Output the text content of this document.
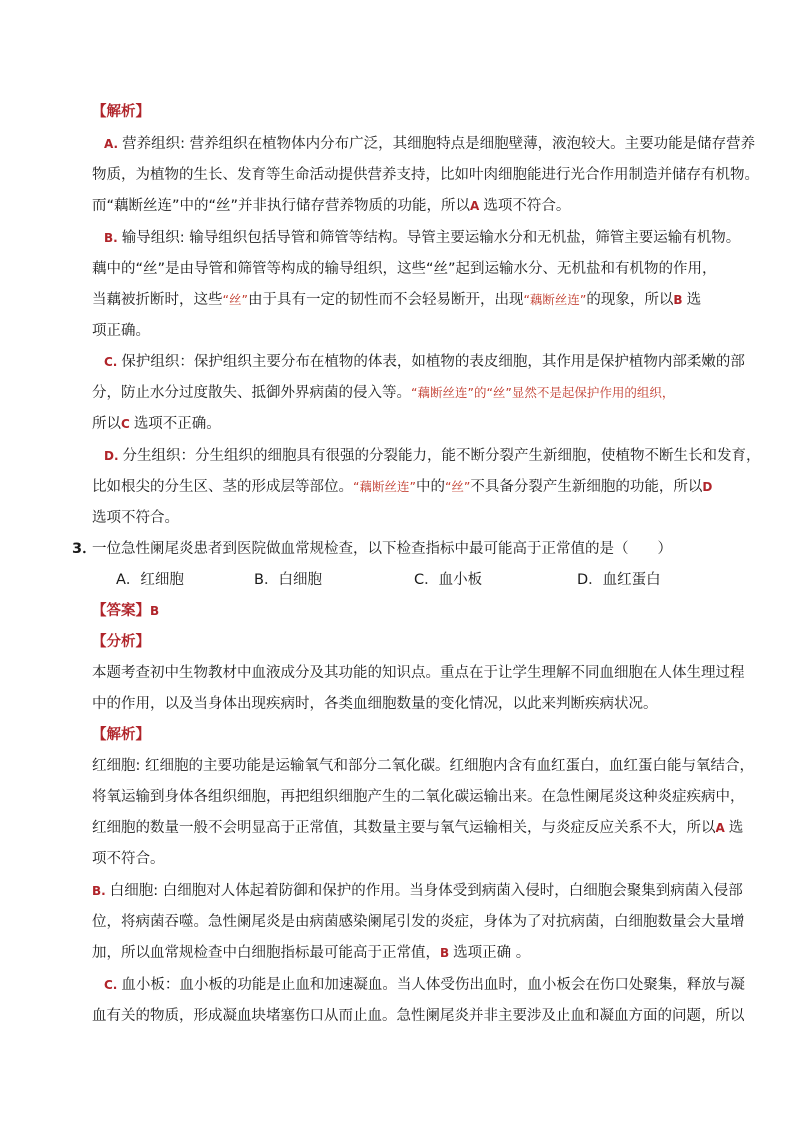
【解析】
A. 营养组织: 营养组织在植物体内分布广泛，其细胞特点是细胞壁薄，液泡较大。主要功能是储存营养
物质，为植物的生长、发育等生命活动提供营养支持，比如叶肉细胞能进行光合作用制造并储存有机物。
而“藕断丝连”中的“丝”并非执行储存营养物质的功能，所以A 选项不符合。
B. 输导组织: 输导组织包括导管和筛管等结构。导管主要运输水分和无机盐，筛管主要运输有机物。
藕中的“丝”是由导管和筛管等构成的输导组织，这些“丝”起到运输水分、无机盐和有机物的作用，
当藕被折断时，这些“丝”由于具有一定的韧性而不会轻易断开，出现“藕断丝连”的现象，所以B 选
项正确。
C. 保护组织：保护组织主要分布在植物的体表，如植物的表皮细胞，其作用是保护植物内部柔嫩的部
分，防止水分过度散失、抵御外界病菌的侵入等。“藕断丝连”的“丝”显然不是起保护作用的组织，
所以C 选项不正确。
D. 分生组织：分生组织的细胞具有很强的分裂能力，能不断分裂产生新细胞，使植物不断生长和发育，
比如根尖的分生区、茎的形成层等部位。“藕断丝连”中的“丝”不具备分裂产生新细胞的功能，所以D
选项不符合。
3．
一位急性阑尾炎患者到医院做血常规检查，以下检查指标中最可能高于正常值的是（　　）
A．红细胞	B．白细胞	C．血小板	D．血红蛋白
【答案】B
【分析】
本题考查初中生物教材中血液成分及其功能的知识点。重点在于让学生理解不同血细胞在人体生理过程
中的作用，以及当身体出现疾病时，各类血细胞数量的变化情况，以此来判断疾病状况。
【解析】
红细胞: 红细胞的主要功能是运输氧气和部分二氧化碳。红细胞内含有血红蛋白，血红蛋白能与氧结合，
将氧运输到身体各组织细胞，再把组织细胞产生的二氧化碳运输出来。在急性阑尾炎这种炎症疾病中，
红细胞的数量一般不会明显高于正常值，其数量主要与氧气运输相关，与炎症反应关系不大，所以A 选
项不符合。
B. 白细胞: 白细胞对人体起着防御和保护的作用。当身体受到病菌入侵时，白细胞会聚集到病菌入侵部
位，将病菌吞噬。急性阑尾炎是由病菌感染阑尾引发的炎症，身体为了对抗病菌，白细胞数量会大量增
加，所以血常规检查中白细胞指标最可能高于正常值，B 选项正确 。
C. 血小板：血小板的功能是止血和加速凝血。当人体受伤出血时，血小板会在伤口处聚集，释放与凝
血有关的物质，形成凝血块堵塞伤口从而止血。急性阑尾炎并非主要涉及止血和凝血方面的问题，所以
